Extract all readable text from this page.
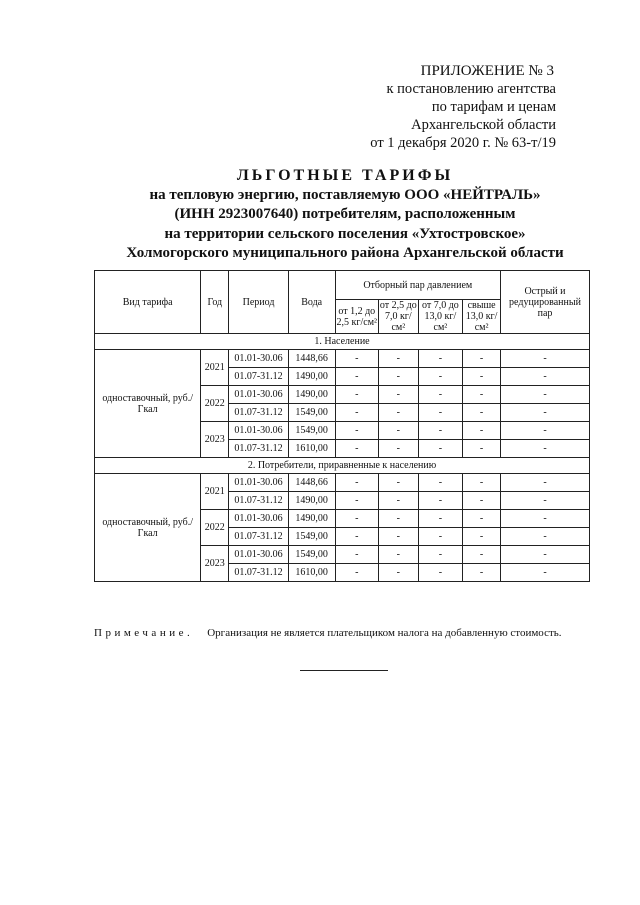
ПРИЛОЖЕНИЕ № 3
к постановлению агентства
по тарифам и ценам
Архангельской области
от 1 декабря 2020 г. № 63-т/19
ЛЬГОТНЫЕ ТАРИФЫ
на тепловую энергию, поставляемую ООО «НЕЙТРАЛЬ»
(ИНН 2923007640) потребителям, расположенным
на территории сельского поселения «Ухтостровское»
Холмогорского муниципального района Архангельской области
Вид тарифа	Год	Период	Вода	Отборный пар давлением				Острый и редуцированный пар
				от 1,2 до 2,5 кг/см²	от 2,5 до 7,0 кг/см²	от 7,0 до 13,0 кг/см²	свыше 13,0 кг/см²	
1. Население								
одноставочный, руб./Гкал	2021	01.01-30.06	1448,66	-	-	-	-	-
		01.07-31.12	1490,00	-	-	-	-	-
	2022	01.01-30.06	1490,00	-	-	-	-	-
		01.07-31.12	1549,00	-	-	-	-	-
	2023	01.01-30.06	1549,00	-	-	-	-	-
		01.07-31.12	1610,00	-	-	-	-	-
2. Потребители, приравненные к населению								
одноставочный, руб./Гкал	2021	01.01-30.06	1448,66	-	-	-	-	-
		01.07-31.12	1490,00	-	-	-	-	-
	2022	01.01-30.06	1490,00	-	-	-	-	-
		01.07-31.12	1549,00	-	-	-	-	-
	2023	01.01-30.06	1549,00	-	-	-	-	-
		01.07-31.12	1610,00	-	-	-	-	-
Примечание. Организация не является плательщиком налога на добавленную стоимость.
